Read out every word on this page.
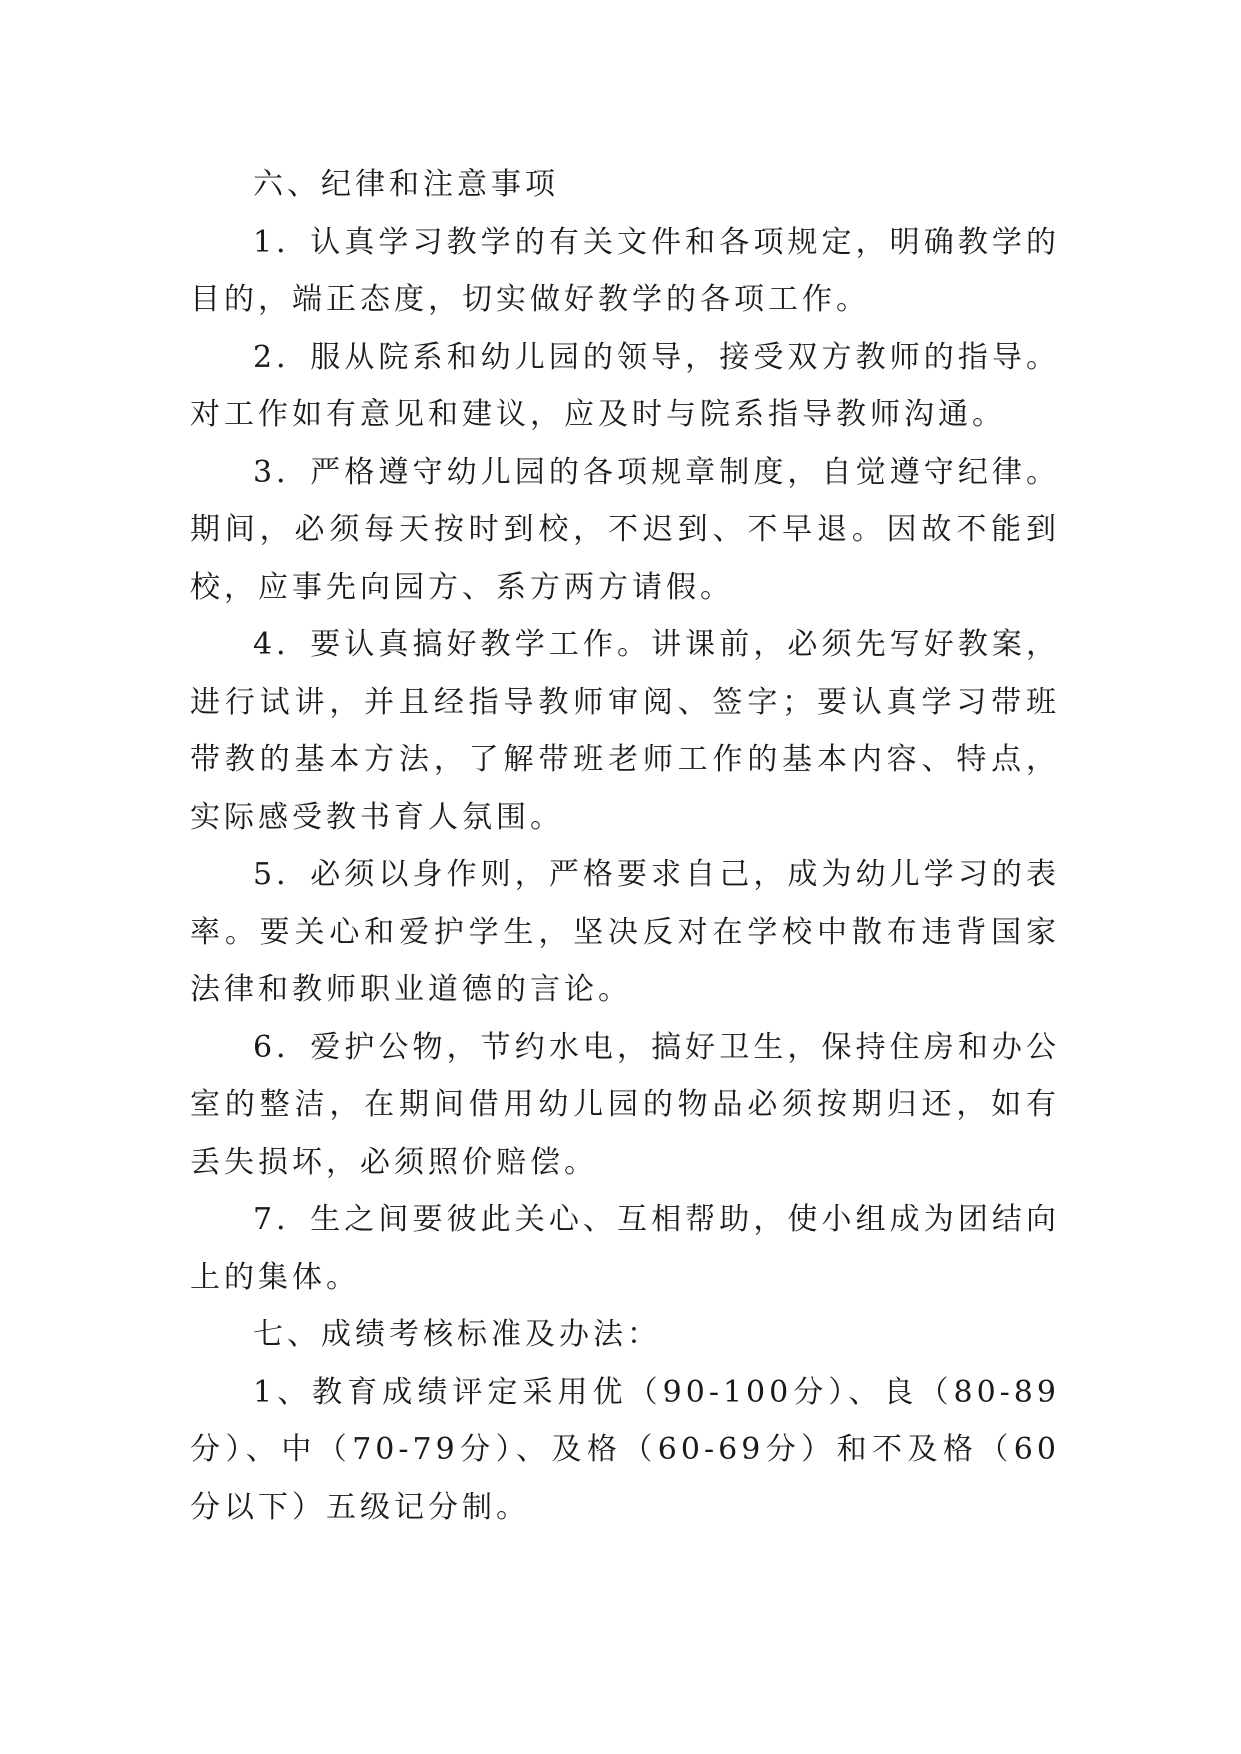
六、纪律和注意事项

1．认真学习教学的有关文件和各项规定，明确教学的目的，端正态度，切实做好教学的各项工作。

2．服从院系和幼儿园的领导，接受双方教师的指导。对工作如有意见和建议，应及时与院系指导教师沟通。

3．严格遵守幼儿园的各项规章制度，自觉遵守纪律。期间，必须每天按时到校，不迟到、不早退。因故不能到校，应事先向园方、系方两方请假。

4．要认真搞好教学工作。讲课前，必须先写好教案，进行试讲，并且经指导教师审阅、签字；要认真学习带班带教的基本方法，了解带班老师工作的基本内容、特点，实际感受教书育人氛围。

5．必须以身作则，严格要求自己，成为幼儿学习的表率。要关心和爱护学生，坚决反对在学校中散布违背国家法律和教师职业道德的言论。

6．爱护公物，节约水电，搞好卫生，保持住房和办公室的整洁，在期间借用幼儿园的物品必须按期归还，如有丢失损坏，必须照价赔偿。

7．生之间要彼此关心、互相帮助，使小组成为团结向上的集体。

七、成绩考核标准及办法：

1、教育成绩评定采用优（90-100分）、良（80-89分）、中（70-79分）、及格（60-69分）和不及格（60分以下）五级记分制。
